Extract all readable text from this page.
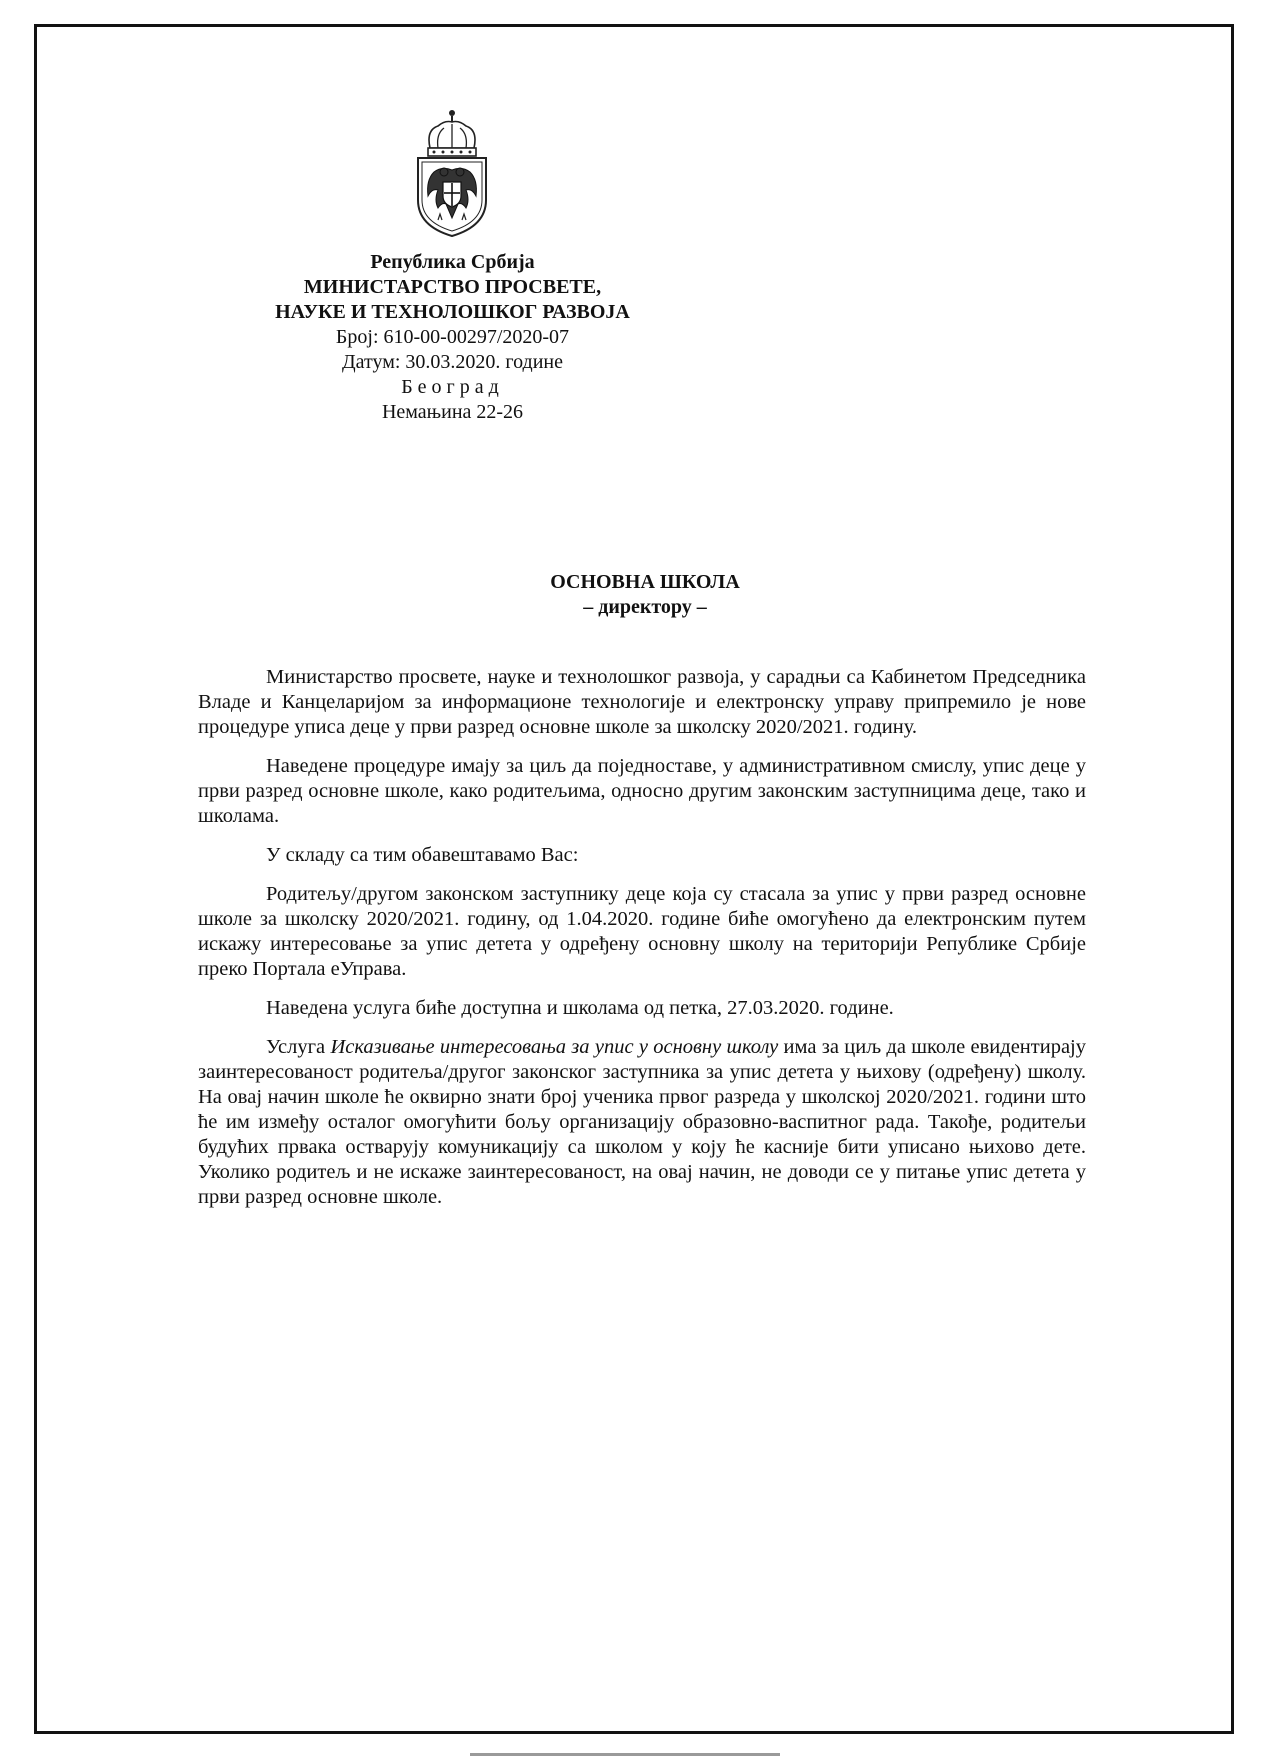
Република Србија
МИНИСТАРСТВО ПРОСВЕТЕ,
НАУКЕ И ТЕХНОЛОШКОГ РАЗВОЈА
Број: 610-00-00297/2020-07
Датум: 30.03.2020. године
Београд
Немањина 22-26
ОСНОВНА ШКОЛА
– директору –

Министарство просвете, науке и технолошког развоја, у сарадњи са Кабинетом Председника Владе и Канцеларијом за информационе технологије и електронску управу припремило је нове процедуре уписа деце у први разред основне школе за школску 2020/2021. годину.

Наведене процедуре имају за циљ да поједноставе, у административном смислу, упис деце у први разред основне школе, како родитељима, односно другим законским заступницима деце, тако и школама.

У складу са тим обавештавамо Вас:

Родитељу/другом законском заступнику деце која су стасала за упис у први разред основне школе за школску 2020/2021. годину, од 1.04.2020. године биће омогућено да електронским путем искажу интересовање за упис детета у одређену основну школу на територији Републике Србије преко Портала еУправа.

Наведена услуга биће доступна и школама од петка, 27.03.2020. године.

Услуга Исказивање интересовања за упис у основну школу има за циљ да школе евидентирају заинтересованост родитеља/другог законског заступника за упис детета у њихову (одређену) школу. На овај начин школе ће оквирно знати број ученика првог разреда у школској 2020/2021. години што ће им између осталог омогућити бољу организацију образовно-васпитног рада. Такође, родитељи будућих првака остварују комуникацију са школом у коју ће касније бити уписано њихово дете. Уколико родитељ и не искаже заинтересованост, на овај начин, не доводи се у питање упис детета у први разред основне школе.
